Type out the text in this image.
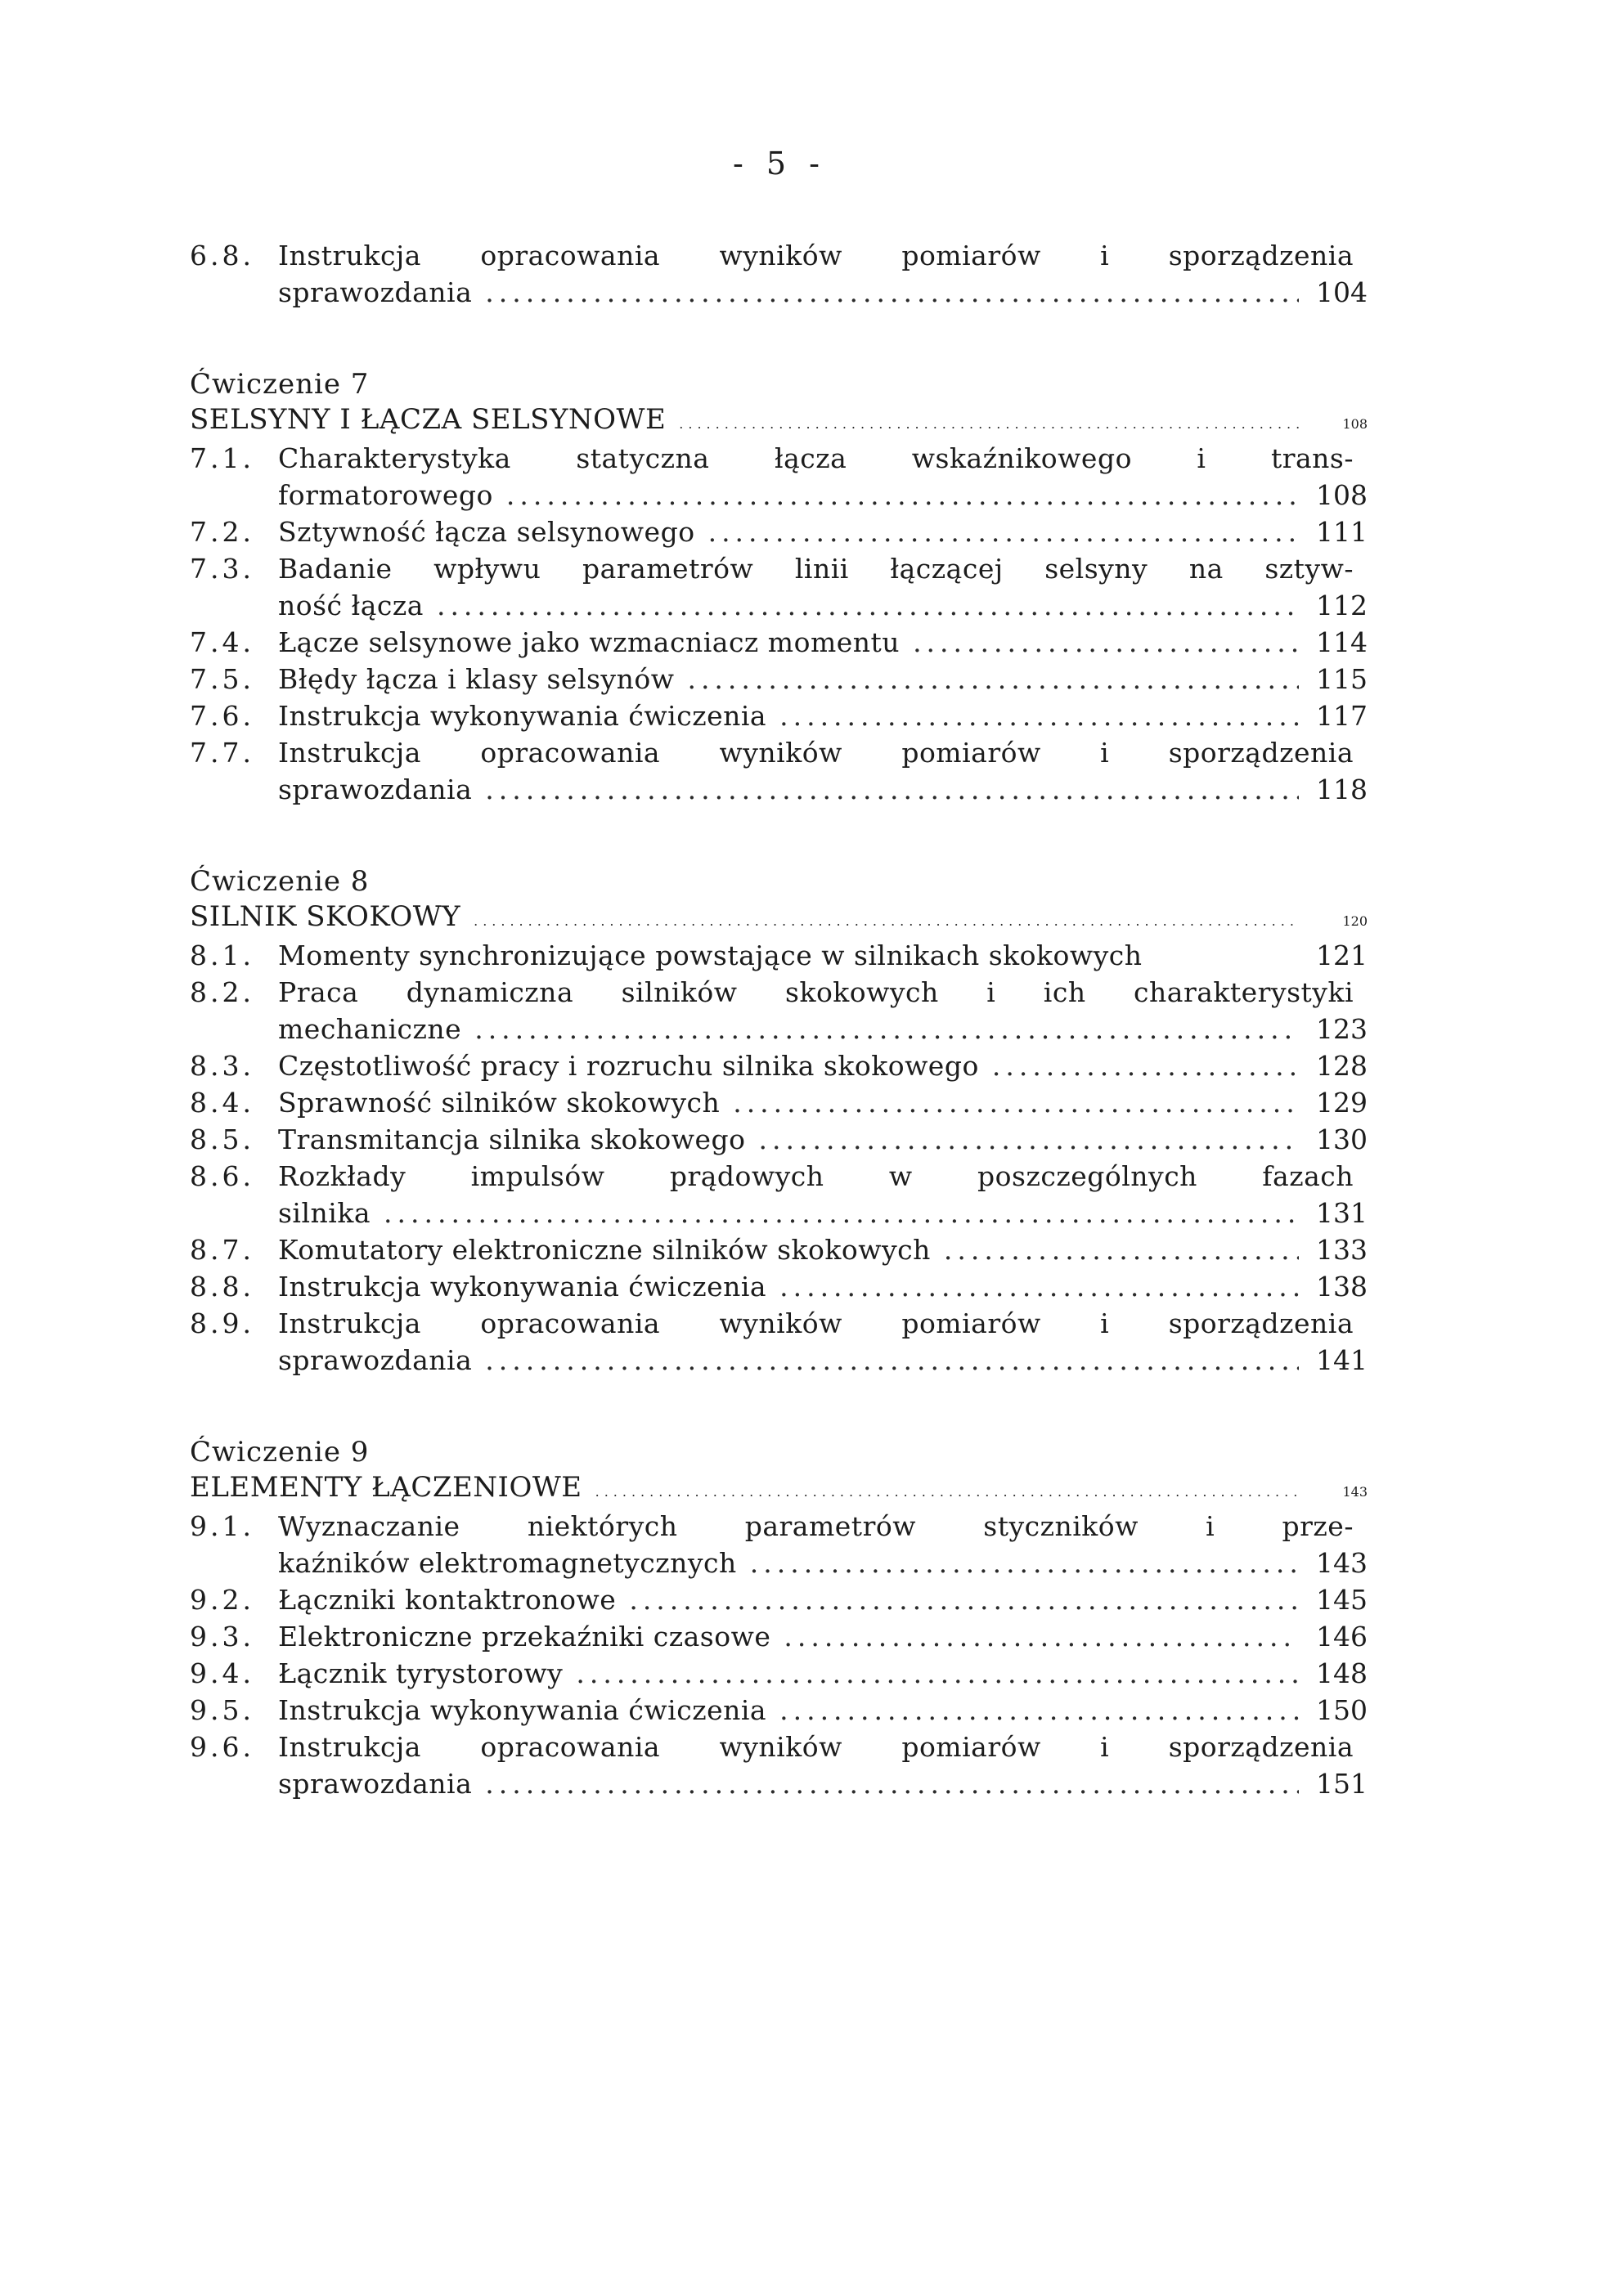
- 5 -
6.8. Instrukcja opracowania wyników pomiarów i sporządzenia
sprawozdania .....	104
Ćwiczenie 7
SELSYNY I ŁĄCZA SELSYNOWE .....	108
7.1. Charakterystyka statyczna łącza wskaźnikowego i trans-
formatorowego .....	108
7.2. Sztywność łącza selsynowego .....	111
7.3. Badanie wpływu parametrów linii łączącej selsyny na sztyw-
ność łącza .....	112
7.4. Łącze selsynowe jako wzmacniacz momentu .....	114
7.5. Błędy łącza i klasy selsynów .....	115
7.6. Instrukcja wykonywania ćwiczenia .....	117
7.7. Instrukcja opracowania wyników pomiarów i sporządzenia
sprawozdania .....	118
Ćwiczenie 8
SILNIK SKOKOWY .....	120
8.1. Momenty synchronizujące powstające w silnikach skokowych	121
8.2. Praca dynamiczna silników skokowych i ich charakterystyki
mechaniczne .....	123
8.3. Częstotliwość pracy i rozruchu silnika skokowego .....	128
8.4. Sprawność silników skokowych .....	129
8.5. Transmitancja silnika skokowego .....	130
8.6. Rozkłady impulsów prądowych w poszczególnych fazach
silnika .....	131
8.7. Komutatory elektroniczne silników skokowych .....	133
8.8. Instrukcja wykonywania ćwiczenia .....	138
8.9. Instrukcja opracowania wyników pomiarów i sporządzenia
sprawozdania .....	141
Ćwiczenie 9
ELEMENTY ŁĄCZENIOWE .....	143
9.1. Wyznaczanie niektórych parametrów styczników i prze-
kaźników elektromagnetycznych .....	143
9.2. Łączniki kontaktronowe .....	145
9.3. Elektroniczne przekaźniki czasowe .....	146
9.4. Łącznik tyrystorowy .....	148
9.5. Instrukcja wykonywania ćwiczenia .....	150
9.6. Instrukcja opracowania wyników pomiarów i sporządzenia
sprawozdania .....	151
